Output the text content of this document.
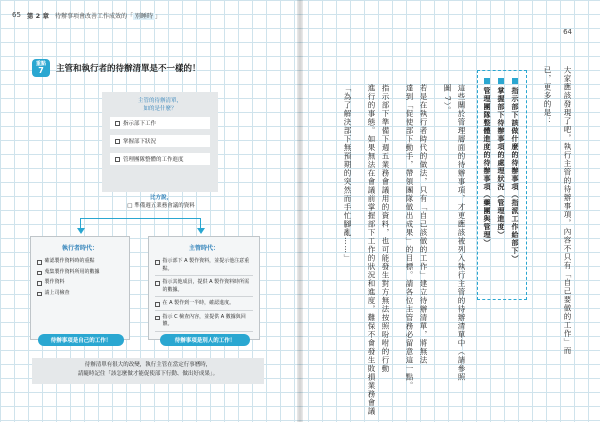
65 第 2 章 待辦事項會改善工作成效的「 別睡時 」
重點
7 主管和執行者的待辦清單是不一樣的！
主管的待辦清單，
如的是什麼？
指示部下工作
掌握部下狀況
管理團隊整體的工作進度
比方說，
□ 準備週五業務會議的資料
執行者時代：
確認製作資料時的重點
蒐集製作資料所用的數據
製作資料
請上司檢查
主管時代：
指示部下 A 製作資料，並提示他注意重點。
指示其他成員，提供 A 製作資料時所需的數據。
在 A 製作到一半時，確認進度。
指示 C 檢查內容，並提供 A 數據與回饋。
待辦事項是自己的工作！	待辦事項是別人的工作！
待辦清單有很大的改變，執行主管在當定行事曆時，
請隨時記住「該怎麼做才能促使部下行動、做出好成果」。
64
大家應該發現了吧，執行主管的待辦事項，內容不只有「自己要做的工作」而
已，更多的是：
指示部下該做什麼的待辦事項（指派工作給部下）
掌握部下待辦事項的處理狀況（管理進度）
管理團隊整體進度的待辦事項（藥團與管理）
這些關於管理層面的待辦事項，才更應該被列入執行主管的待辦清單中（請參照
圖 7）。
若是在執行者時代的做法，只有「自己該做的工作」建立待辦清單，將無法
達到「促使部下動手，帶領團隊做出成果」的目標。請各位主管務必留意這一點。
指示部下準備下週五業務會議用的資料，也可能發生對方無法按照吩咐的行動
進行的事態。如果無法在會議前掌握部下工作的狀況和進度，難保不會發生敗損業務會議
「為了解決部下無預期的突然而手忙腳亂……」
